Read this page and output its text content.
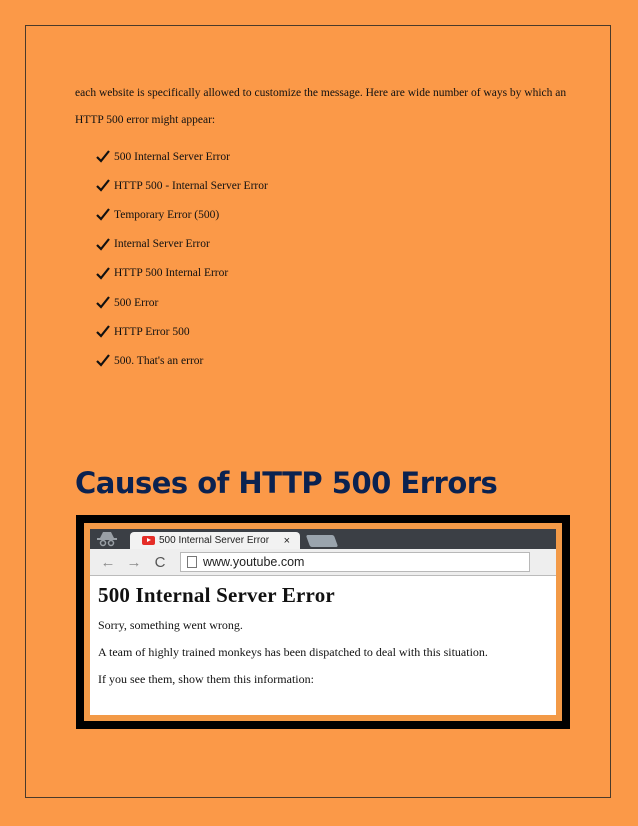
each website is specifically allowed to customize the message. Here are wide number of ways by which an HTTP 500 error might appear:

500 Internal Server Error
HTTP 500 - Internal Server Error
Temporary Error (500)
Internal Server Error
HTTP 500 Internal Error
500 Error
HTTP Error 500
500. That's an error
Causes of HTTP 500 Errors
500 Internal Server Error ×
← → C	www.youtube.com

500 Internal Server Error

Sorry, something went wrong.

A team of highly trained monkeys has been dispatched to deal with this situation.

If you see them, show them this information:
